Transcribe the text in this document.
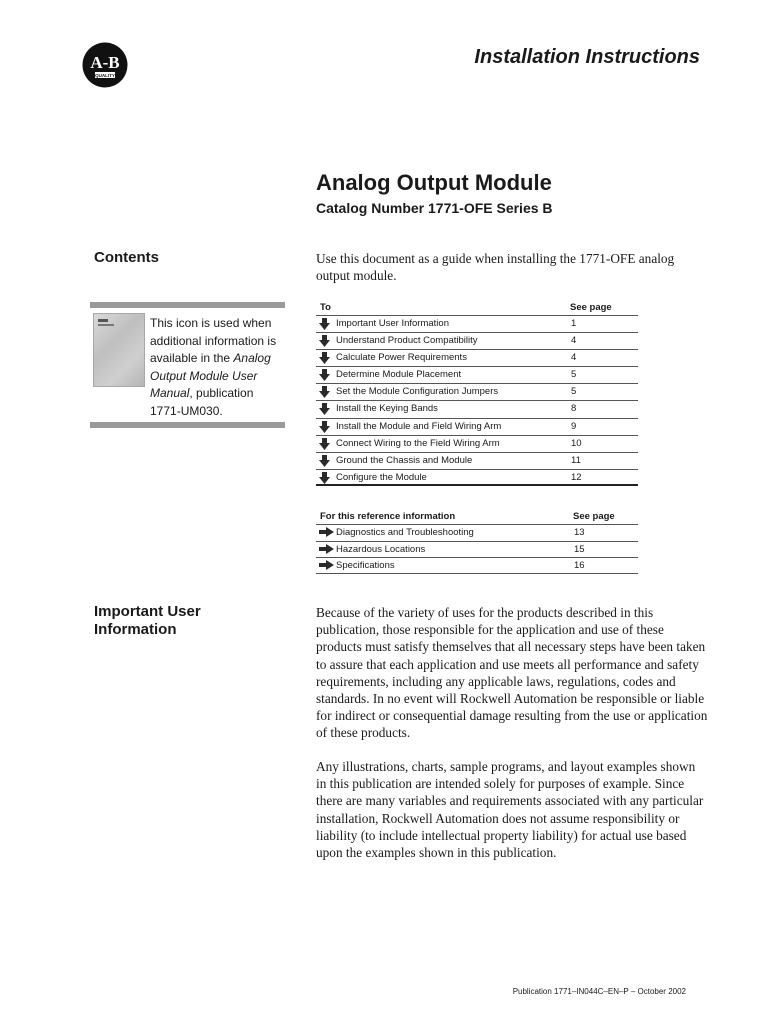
A-B
QUALITY
Installation Instructions
Analog Output Module
Catalog Number 1771-OFE Series B
Contents	Use this document as a guide when installing the 1771-OFE analog output module.
This icon is used when additional information is available in the Analog Output Module User Manual, publication 1771-UM030.
To	See page
Important User Information	1
Understand Product Compatibility	4
Calculate Power Requirements	4
Determine Module Placement	5
Set the Module Configuration Jumpers	5
Install the Keying Bands	8
Install the Module and Field Wiring Arm	9
Connect Wiring to the Field Wiring Arm	10
Ground the Chassis and Module	11
Configure the Module	12
For this reference information	See page
Diagnostics and Troubleshooting	13
Hazardous Locations	15
Specifications	16
Important User Information
Because of the variety of uses for the products described in this publication, those responsible for the application and use of these products must satisfy themselves that all necessary steps have been taken to assure that each application and use meets all performance and safety requirements, including any applicable laws, regulations, codes and standards. In no event will Rockwell Automation be responsible or liable for indirect or consequential damage resulting from the use or application of these products.
Any illustrations, charts, sample programs, and layout examples shown in this publication are intended solely for purposes of example. Since there are many variables and requirements associated with any particular installation, Rockwell Automation does not assume responsibility or liability (to include intellectual property liability) for actual use based upon the examples shown in this publication.
Publication 1771–IN044C–EN–P – October 2002
